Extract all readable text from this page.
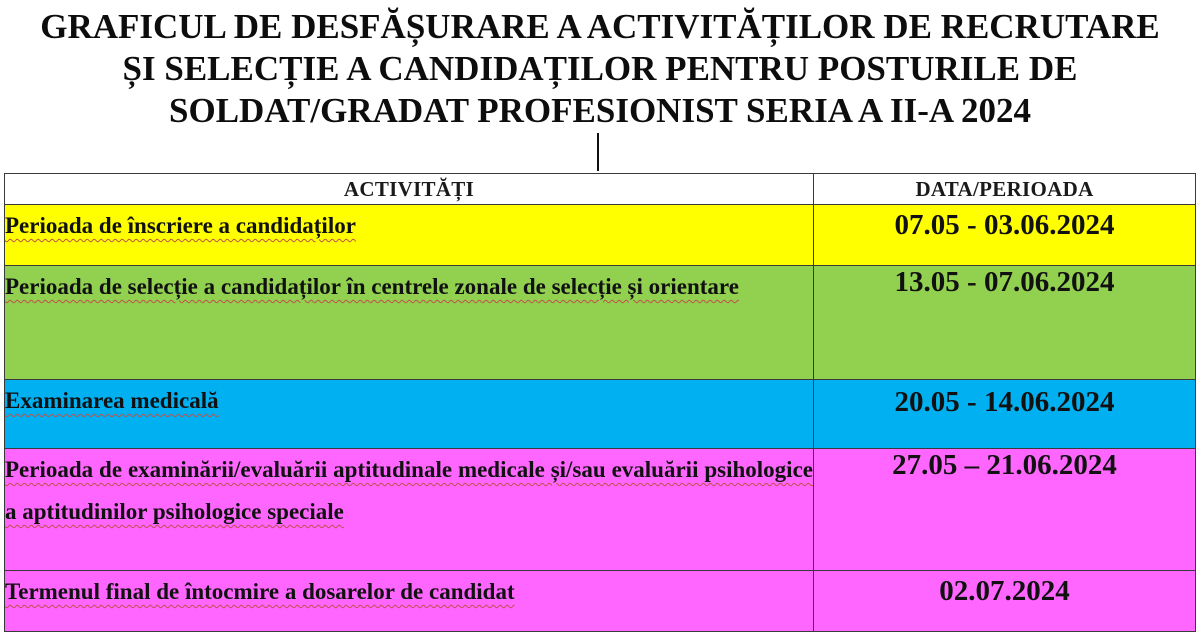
GRAFICUL DE DESFĂȘURARE A ACTIVITĂȚILOR DE RECRUTARE
ȘI SELECȚIE A CANDIDAȚILOR PENTRU POSTURILE DE
SOLDAT/GRADAT PROFESIONIST SERIA A II-A 2024
ACTIVITĂȚI	DATA/PERIOADA
Perioada de înscriere a candidaților	07.05 - 03.06.2024
Perioada de selecție a candidaților în centrele zonale de selecție și orientare	13.05 - 07.06.2024
Examinarea medicală	20.05 - 14.06.2024
Perioada de examinării/evaluării aptitudinale medicale și/sau evaluării psihologice a aptitudinilor psihologice speciale	27.05 – 21.06.2024
Termenul final de întocmire a dosarelor de candidat	02.07.2024
